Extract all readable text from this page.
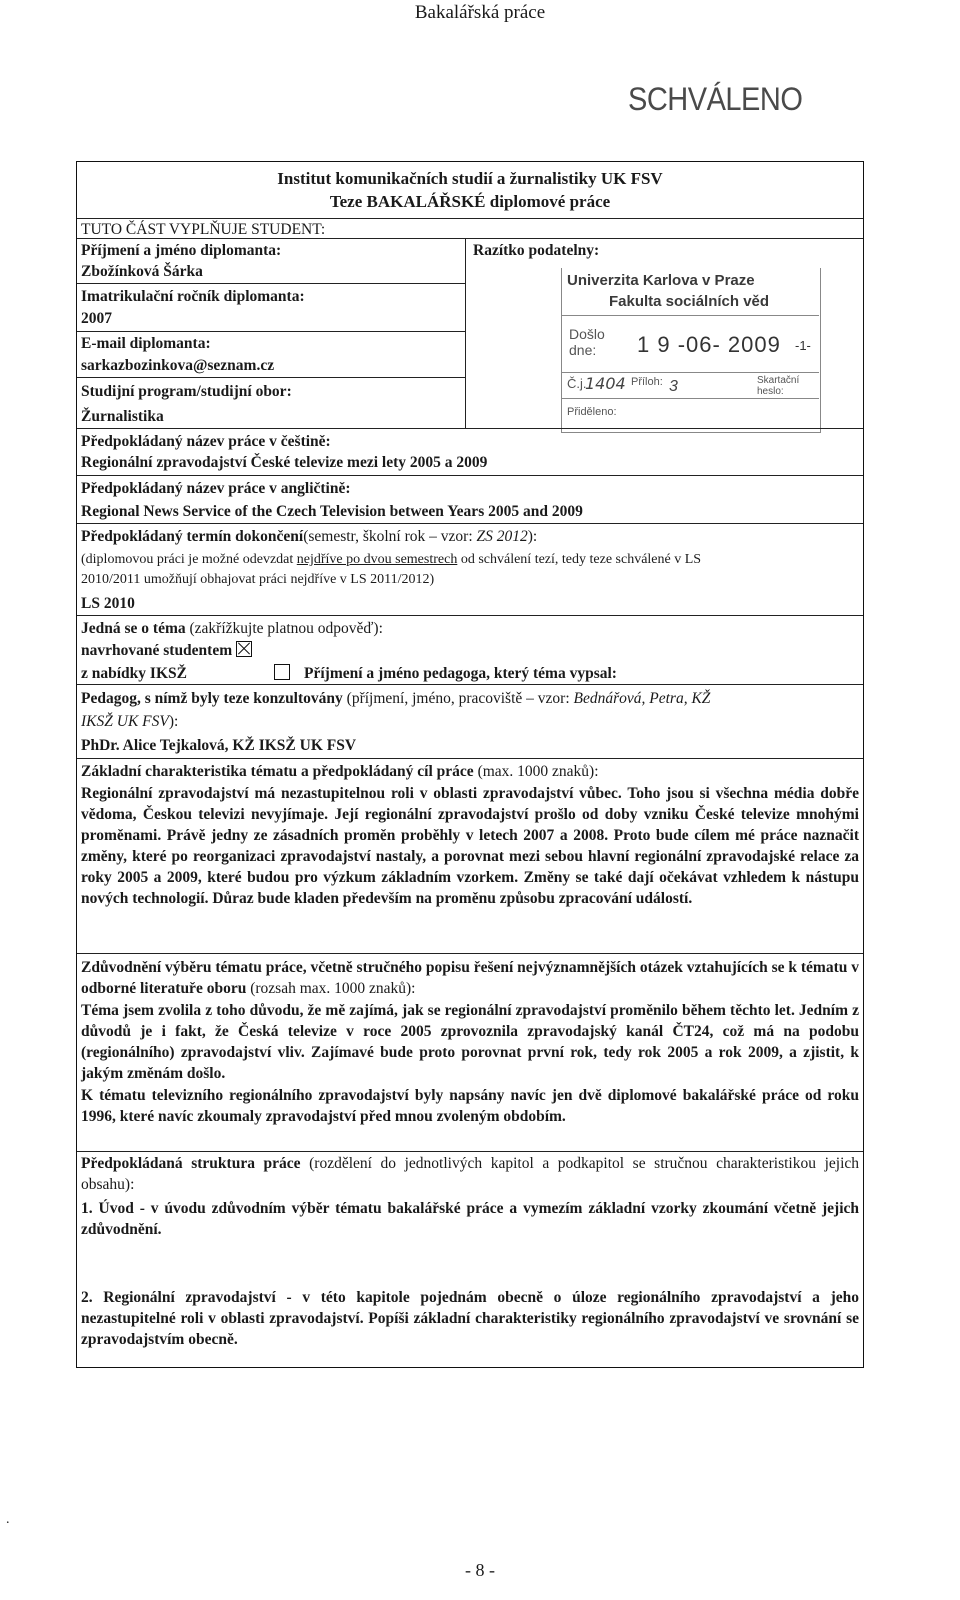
Bakalářská práce
SCHVÁLENO
Institut komunikačních studií a žurnalistiky UK FSV
Teze BAKALÁŘSKÉ diplomové práce
TUTO ČÁST VYPLŇUJE STUDENT:
Příjmení a jméno diplomanta:
Zbožínková Šárka
Imatrikulační ročník diplomanta:
2007
E-mail diplomanta:
sarkazbozinkova@seznam.cz
Studijní program/studijní obor:
Žurnalistika
Razítko podatelny:
Univerzita Karlova v Praze
Fakulta sociálních věd
Došlo
dne: 1 9 -06- 2009 -1-
Č.j.
1404 Příloh: 3	Skartační
heslo:
Přiděleno:
Předpokládaný název práce v češtině:
Regionální zpravodajství České televize mezi lety 2005 a 2009
Předpokládaný název práce v angličtině:
Regional News Service of the Czech Television between Years 2005 and 2009
Předpokládaný termín dokončení(semestr, školní rok – vzor: ZS 2012):
(diplomovou práci je možné odevzdat nejdříve po dvou semestrech od schválení tezí, tedy teze schválené v LS
2010/2011 umožňují obhajovat práci nejdříve v LS 2011/2012)
LS 2010
Jedná se o téma (zakřížkujte platnou odpověď):
navrhované studentem
z nabídky IKSŽ	Příjmení a jméno pedagoga, který téma vypsal:
Pedagog, s nímž byly teze konzultovány (příjmení, jméno, pracoviště – vzor: Bednářová, Petra, KŽ
IKSŽ UK FSV):
PhDr. Alice Tejkalová, KŽ IKSŽ UK FSV
Základní charakteristika tématu a předpokládaný cíl práce (max. 1000 znaků):
Regionální zpravodajství má nezastupitelnou roli v oblasti zpravodajství vůbec. Toho jsou si všechna média dobře vědoma, Českou televizi nevyjímaje. Její regionální zpravodajství prošlo od doby vzniku České televize mnohými proměnami. Právě jedny ze zásadních proměn proběhly v letech 2007 a 2008. Proto bude cílem mé práce naznačit změny, které po reorganizaci zpravodajství nastaly, a porovnat mezi sebou hlavní regionální zpravodajské relace za roky 2005 a 2009, které budou pro výzkum základním vzorkem. Změny se také dají očekávat vzhledem k nástupu nových technologií. Důraz bude kladen především na proměnu způsobu zpracování událostí.
Zdůvodnění výběru tématu práce, včetně stručného popisu řešení nejvýznamnějších otázek vztahujících se k tématu v odborné literatuře oboru (rozsah max. 1000 znaků):
Téma jsem zvolila z toho důvodu, že mě zajímá, jak se regionální zpravodajství proměnilo během těchto let. Jedním z důvodů je i fakt, že Česká televize v roce 2005 zprovoznila zpravodajský kanál ČT24, což má na podobu (regionálního) zpravodajství vliv. Zajímavé bude proto porovnat první rok, tedy rok 2005 a rok 2009, a zjistit, k jakým změnám došlo.
K tématu televizního regionálního zpravodajství byly napsány navíc jen dvě diplomové bakalářské práce od roku 1996, které navíc zkoumaly zpravodajství před mnou zvoleným obdobím.
Předpokládaná struktura práce (rozdělení do jednotlivých kapitol a podkapitol se stručnou charakteristikou jejich obsahu):
1. Úvod - v úvodu zdůvodním výběr tématu bakalářské práce a vymezím základní vzorky zkoumání včetně jejich zdůvodnění.
2. Regionální zpravodajství - v této kapitole pojednám obecně o úloze regionálního zpravodajství a jeho nezastupitelné roli v oblasti zpravodajství. Popíši základní charakteristiky regionálního zpravodajství ve srovnání se zpravodajstvím obecně.
.
- 8 -
